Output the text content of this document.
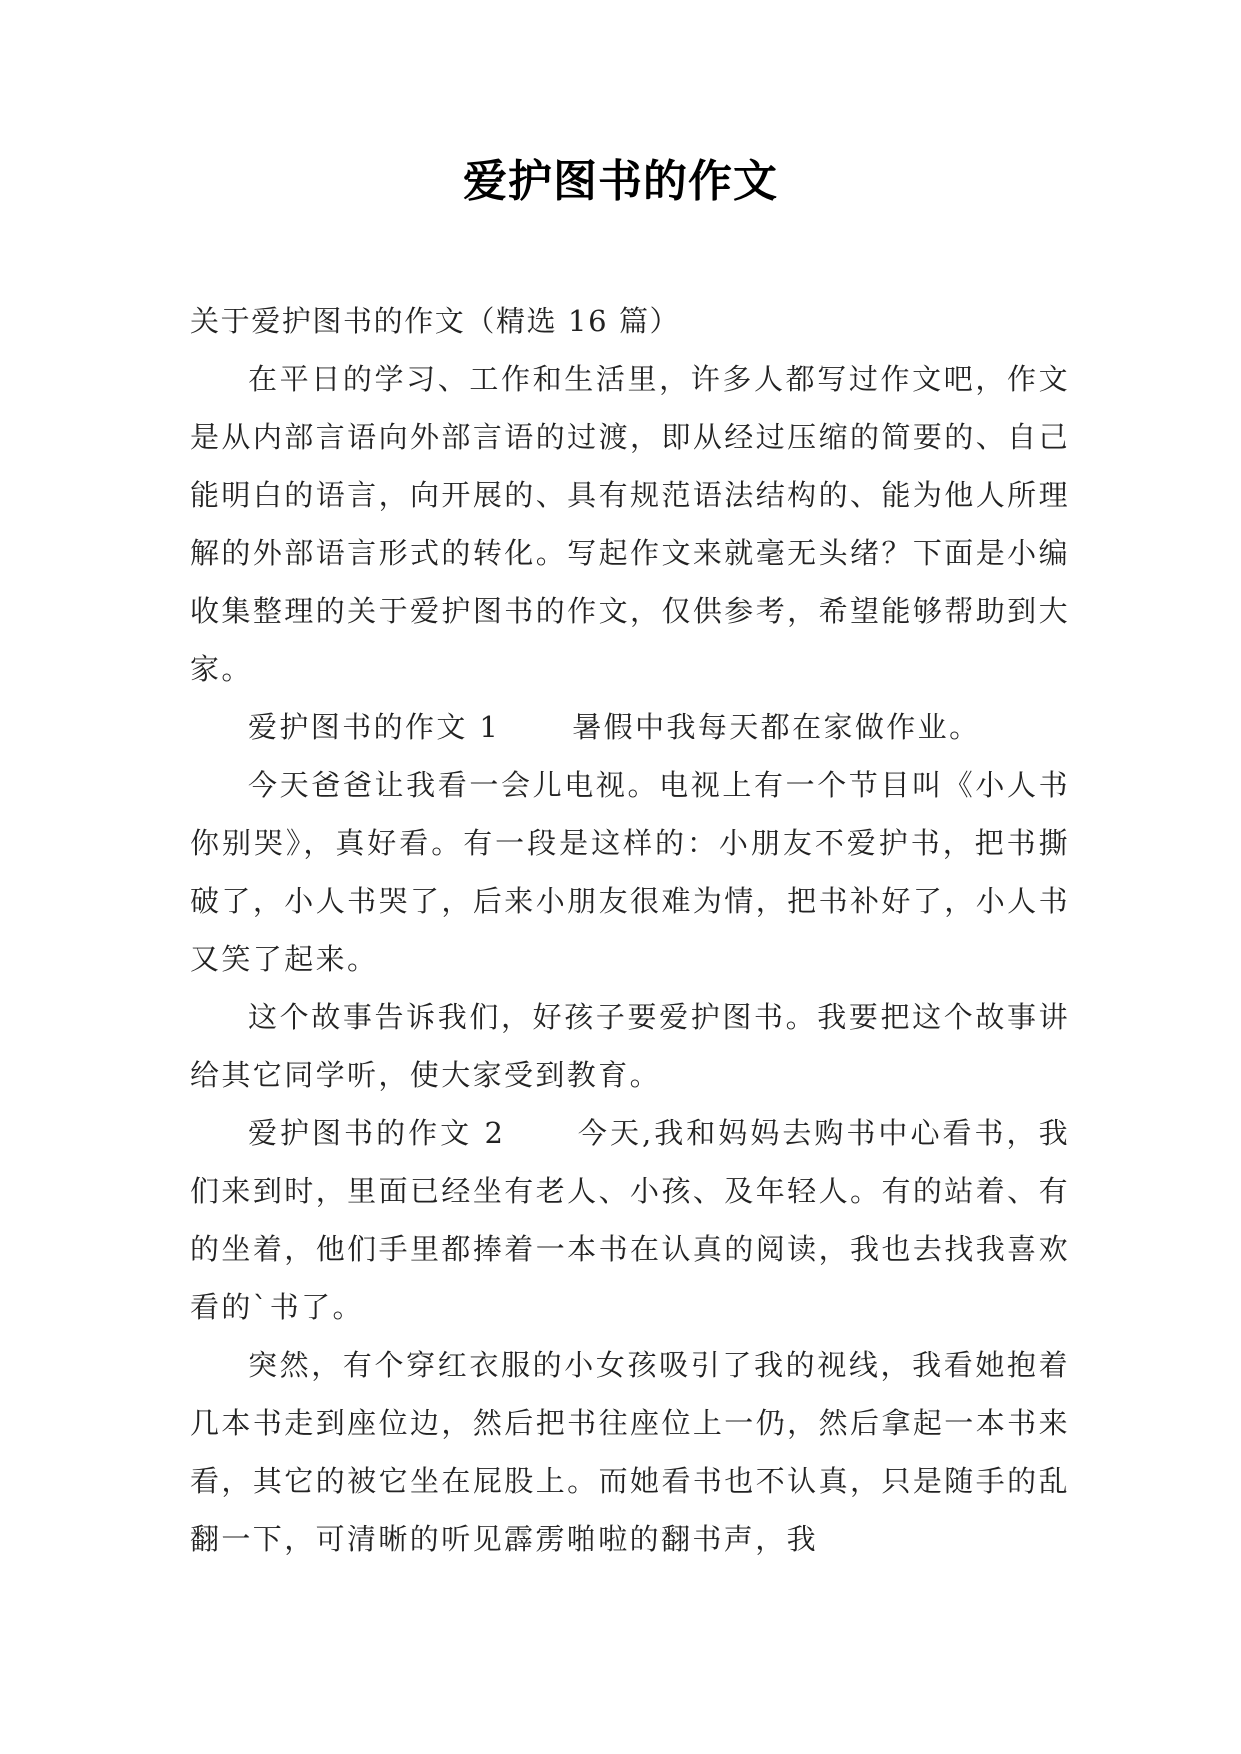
爱护图书的作文

关于爱护图书的作文（精选 16 篇）

在平日的学习、工作和生活里，许多人都写过作文吧，作文是从内部言语向外部言语的过渡，即从经过压缩的简要的、自己能明白的语言，向开展的、具有规范语法结构的、能为他人所理解的外部语言形式的转化。写起作文来就毫无头绪？下面是小编收集整理的关于爱护图书的作文，仅供参考，希望能够帮助到大家。

爱护图书的作文 1 暑假中我每天都在家做作业。

今天爸爸让我看一会儿电视。电视上有一个节目叫《小人书你别哭》，真好看。有一段是这样的：小朋友不爱护书，把书撕破了，小人书哭了，后来小朋友很难为情，把书补好了，小人书又笑了起来。

这个故事告诉我们，好孩子要爱护图书。我要把这个故事讲给其它同学听，使大家受到教育。

爱护图书的作文 2 今天,我和妈妈去购书中心看书，我们来到时，里面已经坐有老人、小孩、及年轻人。有的站着、有的坐着，他们手里都捧着一本书在认真的阅读，我也去找我喜欢看的`书了。

突然，有个穿红衣服的小女孩吸引了我的视线，我看她抱着几本书走到座位边，然后把书往座位上一仍，然后拿起一本书来看，其它的被它坐在屁股上。而她看书也不认真，只是随手的乱翻一下，可清晰的听见霹雳啪啦的翻书声，我
